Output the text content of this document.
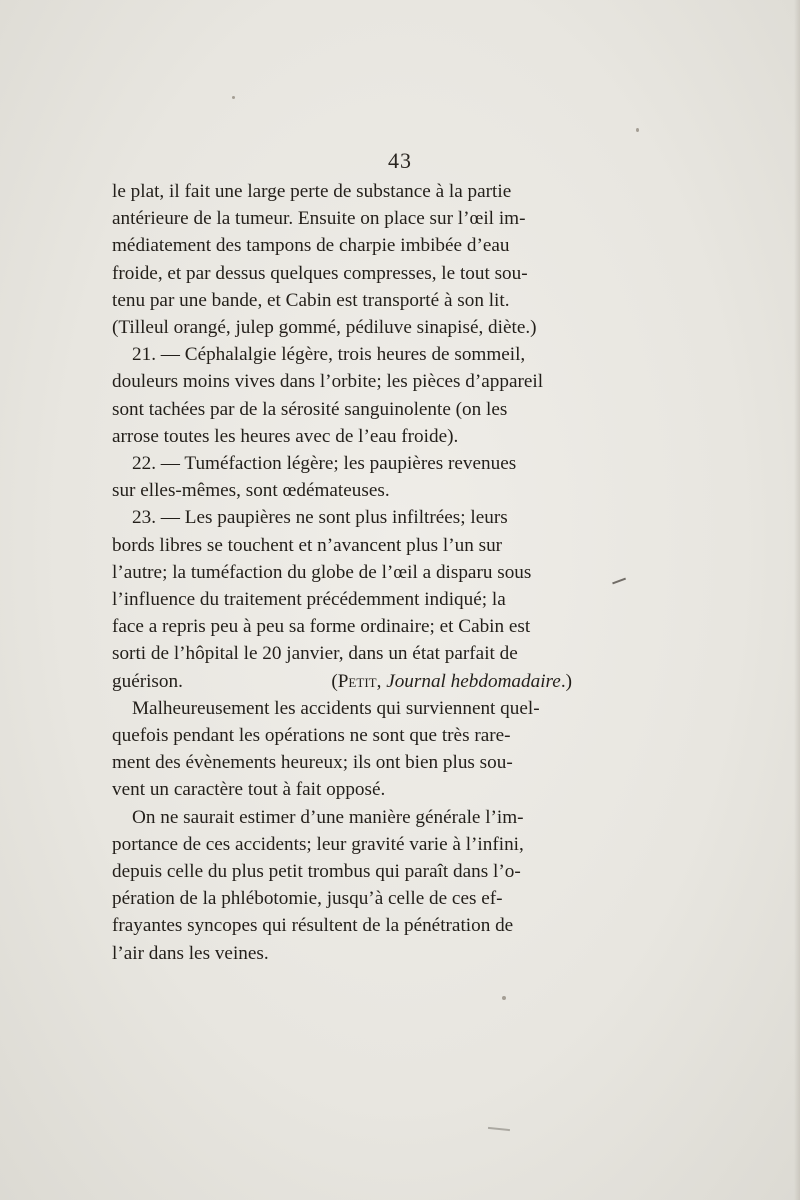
43

le plat, il fait une large perte de substance à la partie
antérieure de la tumeur. Ensuite on place sur l’œil im-
médiatement des tampons de charpie imbibée d’eau
froide, et par dessus quelques compresses, le tout sou-
tenu par une bande, et Cabin est transporté à son lit.
(Tilleul orangé, julep gommé, pédiluve sinapisé, diète.)

21. — Céphalalgie légère, trois heures de sommeil,
douleurs moins vives dans l’orbite; les pièces d’appareil
sont tachées par de la sérosité sanguinolente (on les
arrose toutes les heures avec de l’eau froide).

22. — Tuméfaction légère; les paupières revenues
sur elles-mêmes, sont œdémateuses.

23. — Les paupières ne sont plus infiltrées; leurs
bords libres se touchent et n’avancent plus l’un sur
l’autre; la tuméfaction du globe de l’œil a disparu sous
l’influence du traitement précédemment indiqué; la
face a repris peu à peu sa forme ordinaire; et Cabin est
sorti de l’hôpital le 20 janvier, dans un état parfait de

guérison.	(Petit, Journal hebdomadaire.)

Malheureusement les accidents qui surviennent quel-
quefois pendant les opérations ne sont que très rare-
ment des évènements heureux; ils ont bien plus sou-
vent un caractère tout à fait opposé.

On ne saurait estimer d’une manière générale l’im-
portance de ces accidents; leur gravité varie à l’infini,
depuis celle du plus petit trombus qui paraît dans l’o-
pération de la phlébotomie, jusqu’à celle de ces ef-
frayantes syncopes qui résultent de la pénétration de
l’air dans les veines.
